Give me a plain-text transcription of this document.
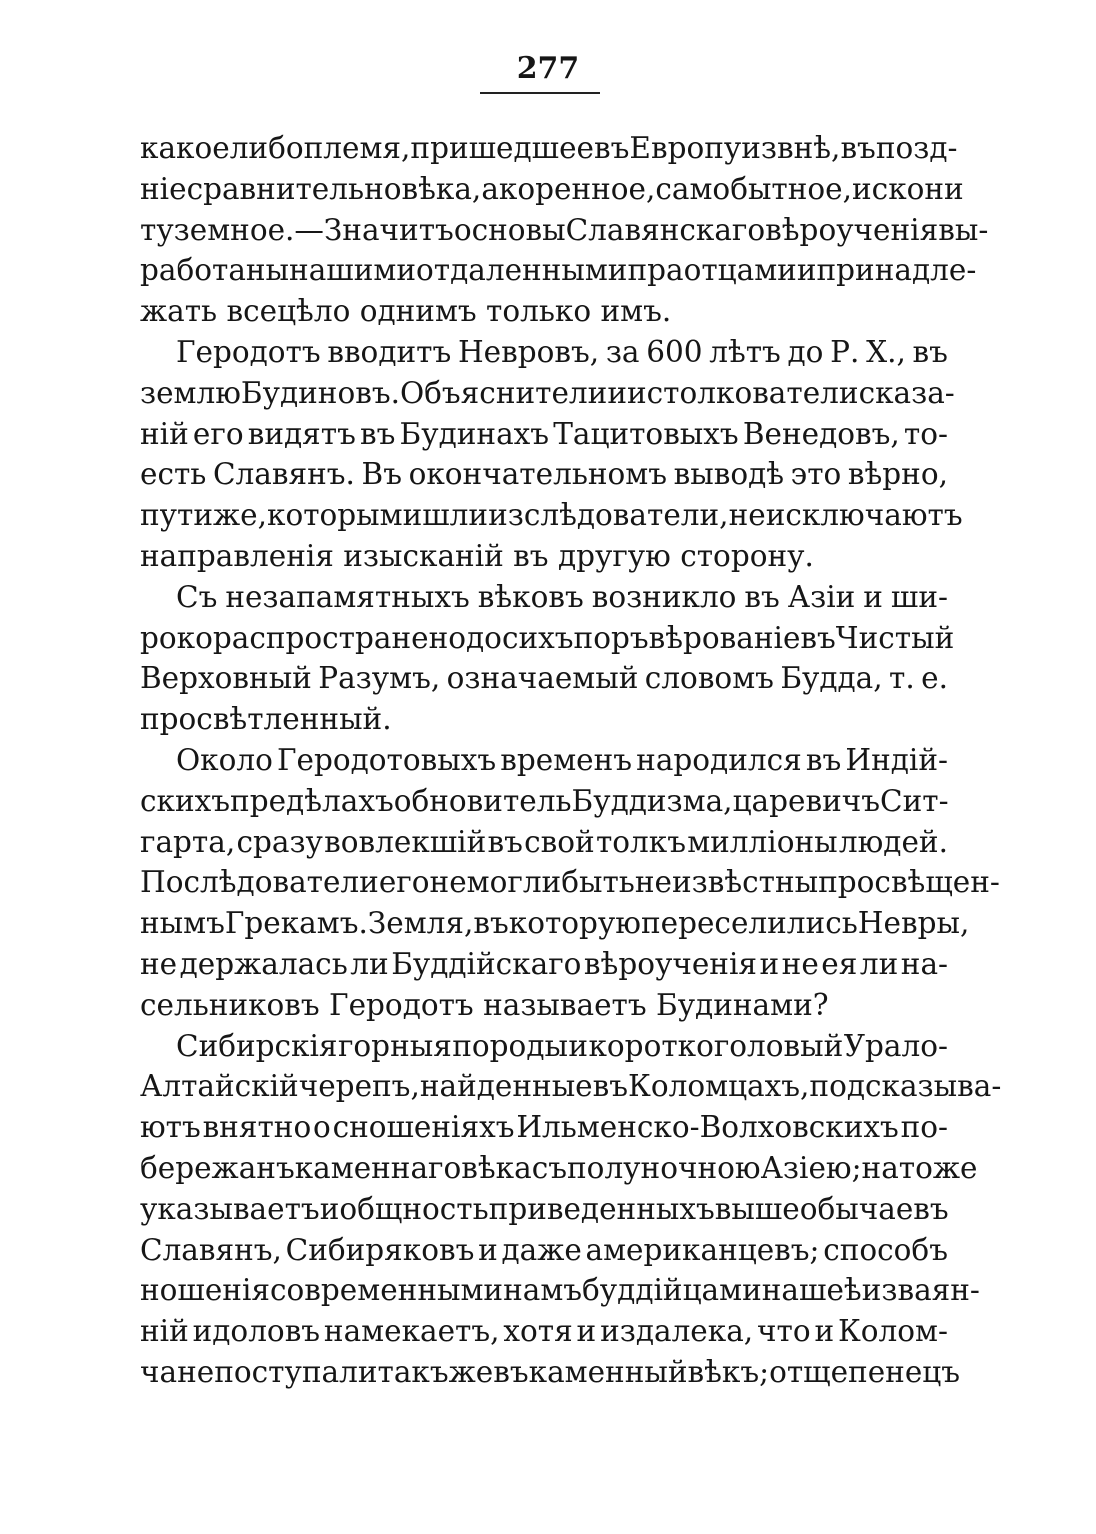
277
какое либо племя, пришедшее въ Европу извнѣ, въ позд-
ніе сравнительно вѣка, а коренное, самобытное, искони
туземное.—Значитъ основы Славянскаго вѣроученія вы-
работаны нашими отдаленными праотцами и принадле-
жать всецѣло однимъ только имъ.
Геродотъ вводитъ Невровъ, за 600 лѣтъ до Р. Х., въ
землю Будиновъ. Объяснители и истолкователи сказа-
ній его видятъ въ Будинахъ Тацитовыхъ Венедовъ, то-
есть Славянъ. Въ окончательномъ выводѣ это вѣрно,
пути же, которыми шли изслѣдователи, не исключаютъ
направленія изысканій въ другую сторону.
Съ незапамятныхъ вѣковъ возникло въ Азіи и ши-
роко распространено до сихъ поръ вѣрованіе въ Чистый
Верховный Разумъ, означаемый словомъ Будда, т. е.
просвѣтленный.
Около Геродотовыхъ временъ народился въ Индій-
скихъ предѣлахъ обновитель Буддизма, царевичъ Сит-
гарта, сразу вовлекшій въ свой толкъ милліоны людей.
Послѣдователи его не могли быть неизвѣстны просвѣщен-
нымъ Грекамъ. Земля, въ которую переселились Невры,
не держалась ли Буддійскаго вѣроученія и не ея ли на-
сельниковъ Геродотъ называетъ Будинами?
Сибирскія горныя породы и короткоголовый Урало-
Алтайскій черепъ, найденные въ Коломцахъ, подсказыва-
ютъ внятно о сношеніяхъ Ильменско-Волховскихъ по-
бережанъ каменнаго вѣка съ полуночною Азіею; на то же
указываетъ и общность приведенныхъ выше обычаевъ
Славянъ, Сибиряковъ и даже американцевъ; способъ
ношенія современными намъ буддійцами на шеѣ изваян-
ній идоловъ намекаетъ, хотя и издалека, что и Колом-
чане поступали такъ же въ каменный вѣкъ; отщепенецъ
